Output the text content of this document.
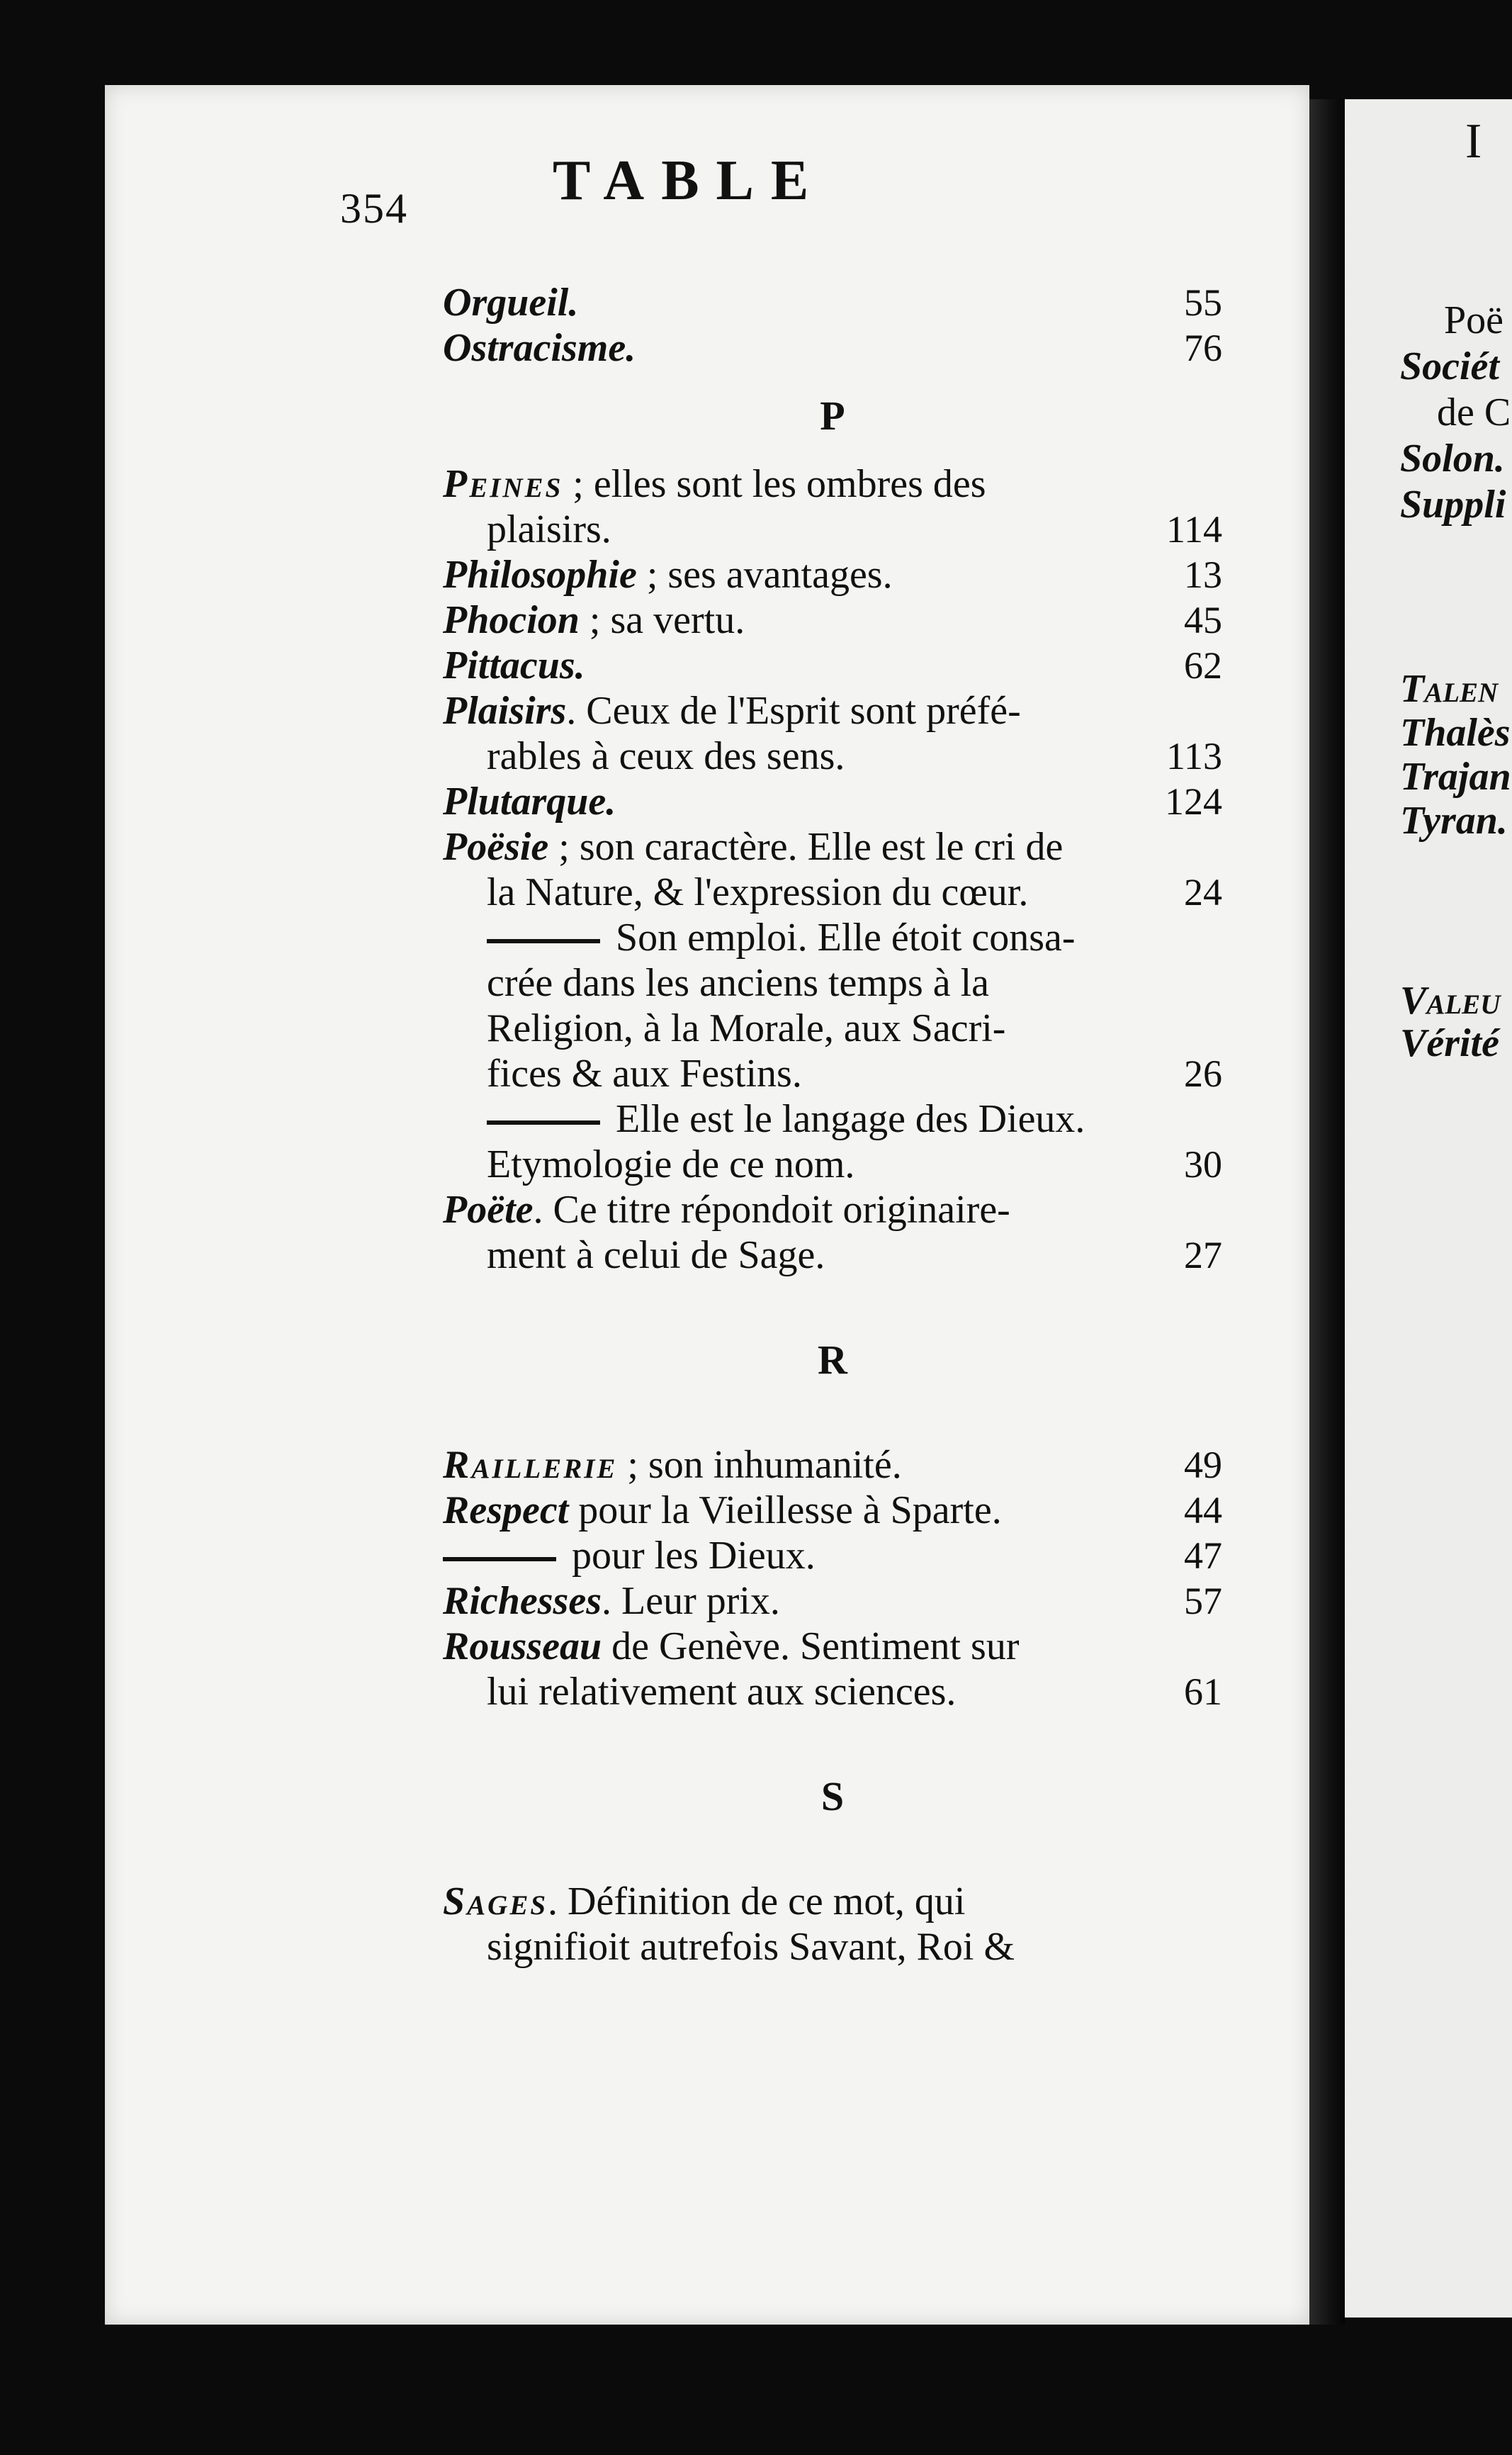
I
Poë
Sociét
de C
Solon.
Suppli
Talen
Thalès
Trajan
Tyran.
Valeu
Vérité
354	TABLE
Orgueil.	55
Ostracisme.	76
P
Peines ; elles sont les ombres des
plaisirs.	114
Philosophie ; ses avantages.	13
Phocion ; sa vertu.	45
Pittacus.	62
Plaisirs. Ceux de l'Esprit sont préfé-
rables à ceux des sens.	113
Plutarque.	124
Poësie ; son caractère. Elle est le cri de
la Nature, & l'expression du cœur.	24
Son emploi. Elle étoit consa-
crée dans les anciens temps à la
Religion, à la Morale, aux Sacri-
fices & aux Festins.	26
Elle est le langage des Dieux.
Etymologie de ce nom.	30
Poëte. Ce titre répondoit originaire-
ment à celui de Sage.	27
R
Raillerie ; son inhumanité.	49
Respect pour la Vieillesse à Sparte.	44
pour les Dieux.	47
Richesses. Leur prix.	57
Rousseau de Genève. Sentiment sur
lui relativement aux sciences.	61
S
Sages. Définition de ce mot, qui
signifioit autrefois Savant, Roi &
